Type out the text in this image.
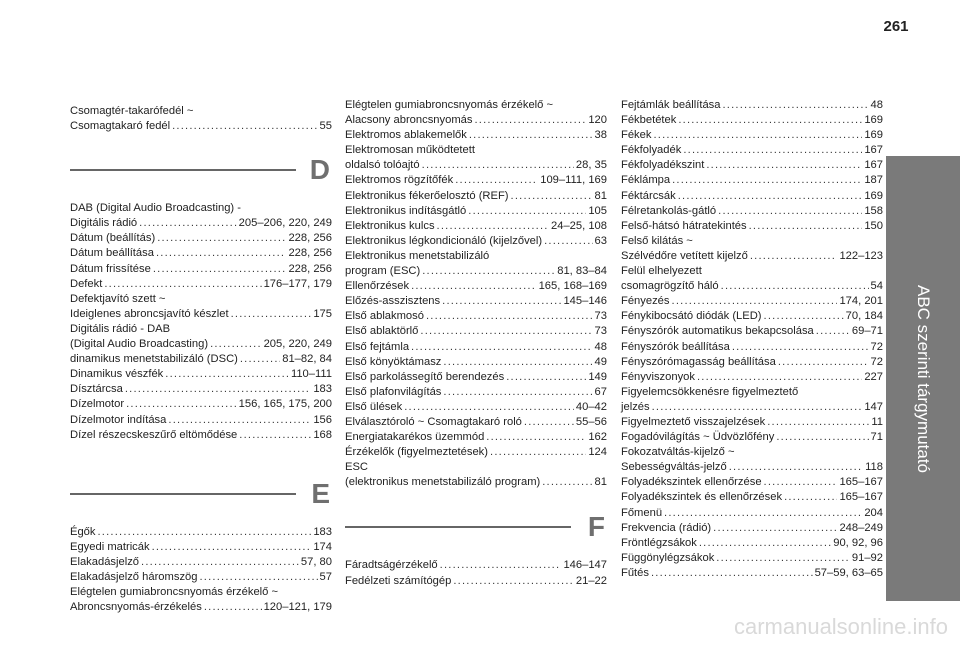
261
ABC szerinti tárgymutató
Csomagtér-takarófedél ~
Csomagtakaró fedél .....	55
D
DAB (Digital Audio Broadcasting) -
Digitális rádió .....	205–206, 220, 249
Dátum (beállítás) .....	228, 256
Dátum beállítása .....	228, 256
Dátum frissítése .....	228, 256
Defekt .....	176–177, 179
Defektjavító szett ~
Ideiglenes abroncsjavító készlet .....	175
Digitális rádió - DAB
(Digital Audio Broadcasting) .....	205, 220, 249
dinamikus menetstabilizáló (DSC) .....	81–82, 84
Dinamikus vészfék .....	110–111
Dísztárcsa .....	183
Dízelmotor .....	156, 165, 175, 200
Dízelmotor indítása .....	156
Dízel részecskeszűrő eltömődése .....	168
E
Égők .....	183
Egyedi matricák .....	174
Elakadásjelző .....	57, 80
Elakadásjelző háromszög .....	57
Elégtelen gumiabroncsnyomás érzékelő ~
Abroncsnyomás-érzékelés .....	120–121, 179
Elégtelen gumiabroncsnyomás érzékelő ~
Alacsony abroncsnyomás .....	120
Elektromos ablakemelők .....	38
Elektromosan működtetett
oldalsó tolóajtó .....	28, 35
Elektromos rögzítőfék .....	109–111, 169
Elektronikus fékerőelosztó (REF) .....	81
Elektronikus indításgátló .....	105
Elektronikus kulcs .....	24–25, 108
Elektronikus légkondicionáló (kijelzővel) .....	63
Elektronikus menetstabilizáló
program (ESC) .....	81, 83–84
Ellenőrzések .....	165, 168–169
Előzés-asszisztens .....	145–146
Első ablakmosó .....	73
Első ablaktörlő .....	73
Első fejtámla .....	48
Első könyöktámasz .....	49
Első parkolássegítő berendezés .....	149
Első plafonvilágítás .....	67
Első ülések .....	40–42
Elválasztóroló ~ Csomagtakaró roló .....	55–56
Energiatakarékos üzemmód .....	162
Érzékelők (figyelmeztetések) .....	124
ESC
(elektronikus menetstabilizáló program) .....	81
F
Fáradtságérzékelő .....	146–147
Fedélzeti számítógép .....	21–22
Fejtámlák beállítása .....	48
Fékbetétek .....	169
Fékek .....	169
Fékfolyadék .....	167
Fékfolyadékszint .....	167
Féklámpa .....	187
Féktárcsák .....	169
Félretankolás-gátló .....	158
Felső-hátsó hátratekintés .....	150
Felső kilátás ~
Szélvédőre vetített kijelző .....	122–123
Felül elhelyezett
csomagrögzítő háló .....	54
Fényezés .....	174, 201
Fénykibocsátó diódák (LED) .....	70, 184
Fényszórók automatikus bekapcsolása .....	69–71
Fényszórók beállítása .....	72
Fényszórómagasság beállítása .....	72
Fényviszonyok .....	227
Figyelemcsökkenésre figyelmeztető
jelzés .....	147
Figyelmeztető visszajelzések .....	11
Fogadóvilágítás ~ Üdvözlőfény .....	71
Fokozatváltás-kijelző ~
Sebességváltás-jelző .....	118
Folyadékszintek ellenőrzése .....	165–167
Folyadékszintek és ellenőrzések .....	165–167
Főmenü .....	204
Frekvencia (rádió) .....	248–249
Fröntlégzsákok .....	90, 92, 96
Függönylégzsákok .....	91–92
Fűtés .....	57–59, 63–65
carmanualsonline.info
